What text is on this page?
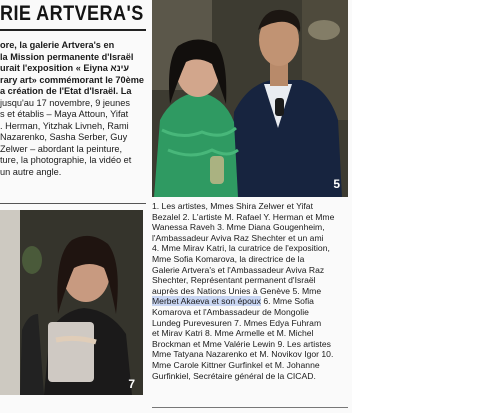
RIE ARTVERA'S
ore, la galerie Artvera's en
la Mission permanente d'Israël
urait l'exposition « Eiyna עינא
rary art» commémorant le 70ème
a création de l'Etat d'Israël. La
jusqu'au 17 novembre, 9 jeunes
s et établis – Maya Attoun, Yifat
. Herman, Yitzhak Livneh, Rami
Nazarenko, Sasha Serber, Guy
Zelwer – abordant la peinture,
ture, la photographie, la vidéo et
un autre angle.
5
7
1. Les artistes, Mmes Shira Zelwer et Yifat
Bezalel 2. L'artiste M. Rafael Y. Herman et Mme
Wanessa Raveh 3. Mme Diana Gougenheim,
l'Ambassadeur Aviva Raz Shechter et un ami
4. Mme Mirav Katri, la curatrice de l'exposition,
Mme Sofia Komarova, la directrice de la
Galerie Artvera's et l'Ambassadeur Aviva Raz
Shechter, Représentant permanent d'Israël
auprès des Nations Unies à Genève 5. Mme
Merbet Akaeva et son époux 6. Mme Sofia
Komarova et l'Ambassadeur de Mongolie
Lundeg Purevesuren 7. Mmes Edya Fuhram
et Mirav Katri 8. Mme Armelle et M. Michel
Brockman et Mme Valérie Lewin 9. Les artistes
Mme Tatyana Nazarenko et M. Novikov Igor 10.
Mme Carole Kittner Gurfinkel et M. Johanne
Gurfinkiel, Secrétaire général de la CICAD.
